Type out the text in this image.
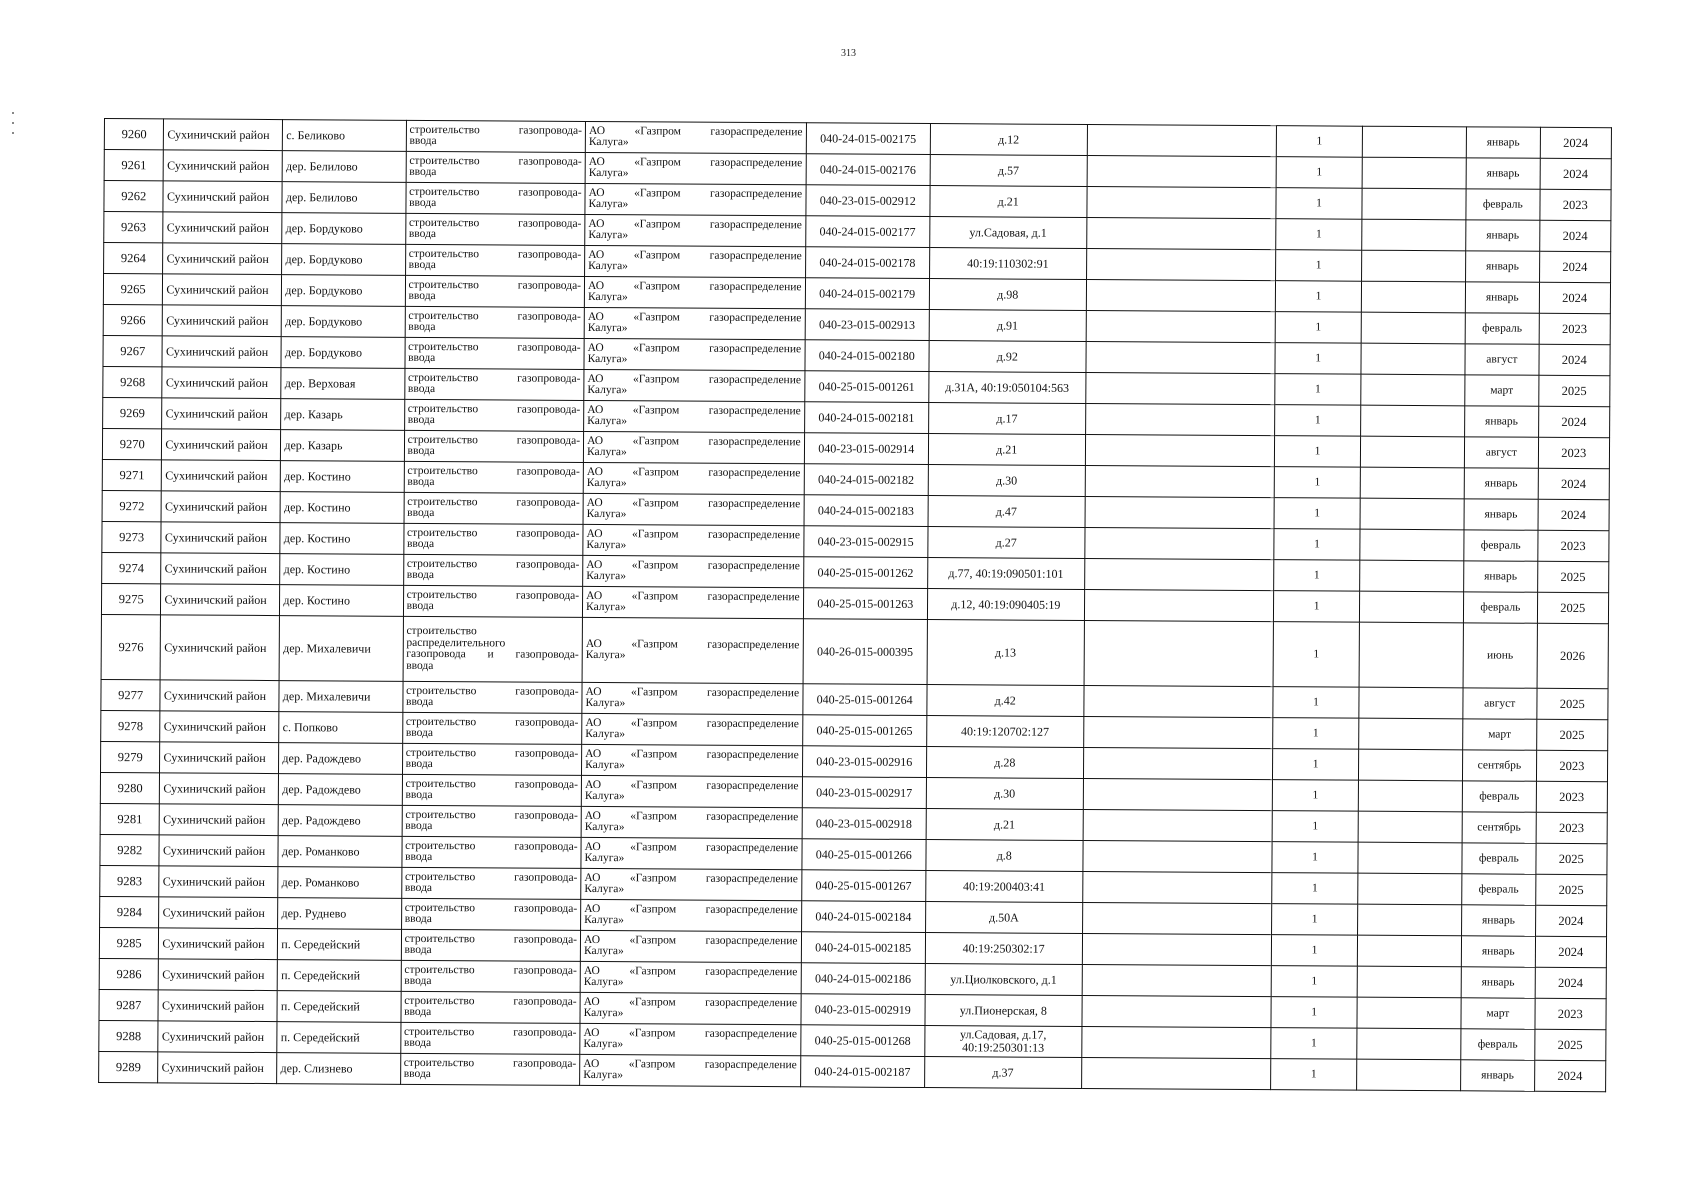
313
9260	Сухиничский район	с. Беликово	строительство газопровода-
ввода	АО «Газпром газораспределение
Калуга»	040-24-015-002175	д.12		1		январь	2024
9261	Сухиничский район	дер. Белилово	строительство газопровода-
ввода	АО «Газпром газораспределение
Калуга»	040-24-015-002176	д.57		1		январь	2024
9262	Сухиничский район	дер. Белилово	строительство газопровода-
ввода	АО «Газпром газораспределение
Калуга»	040-23-015-002912	д.21		1		февраль	2023
9263	Сухиничский район	дер. Бордуково	строительство газопровода-
ввода	АО «Газпром газораспределение
Калуга»	040-24-015-002177	ул.Садовая, д.1		1		январь	2024
9264	Сухиничский район	дер. Бордуково	строительство газопровода-
ввода	АО «Газпром газораспределение
Калуга»	040-24-015-002178	40:19:110302:91		1		январь	2024
9265	Сухиничский район	дер. Бордуково	строительство газопровода-
ввода	АО «Газпром газораспределение
Калуга»	040-24-015-002179	д.98		1		январь	2024
9266	Сухиничский район	дер. Бордуково	строительство газопровода-
ввода	АО «Газпром газораспределение
Калуга»	040-23-015-002913	д.91		1		февраль	2023
9267	Сухиничский район	дер. Бордуково	строительство газопровода-
ввода	АО «Газпром газораспределение
Калуга»	040-24-015-002180	д.92		1		август	2024
9268	Сухиничский район	дер. Верховая	строительство газопровода-
ввода	АО «Газпром газораспределение
Калуга»	040-25-015-001261	д.31А, 40:19:050104:563		1		март	2025
9269	Сухиничский район	дер. Казарь	строительство газопровода-
ввода	АО «Газпром газораспределение
Калуга»	040-24-015-002181	д.17		1		январь	2024
9270	Сухиничский район	дер. Казарь	строительство газопровода-
ввода	АО «Газпром газораспределение
Калуга»	040-23-015-002914	д.21		1		август	2023
9271	Сухиничский район	дер. Костино	строительство газопровода-
ввода	АО «Газпром газораспределение
Калуга»	040-24-015-002182	д.30		1		январь	2024
9272	Сухиничский район	дер. Костино	строительство газопровода-
ввода	АО «Газпром газораспределение
Калуга»	040-24-015-002183	д.47		1		январь	2024
9273	Сухиничский район	дер. Костино	строительство газопровода-
ввода	АО «Газпром газораспределение
Калуга»	040-23-015-002915	д.27		1		февраль	2023
9274	Сухиничский район	дер. Костино	строительство газопровода-
ввода	АО «Газпром газораспределение
Калуга»	040-25-015-001262	д.77, 40:19:090501:101		1		январь	2025
9275	Сухиничский район	дер. Костино	строительство газопровода-
ввода	АО «Газпром газораспределение
Калуга»	040-25-015-001263	д.12, 40:19:090405:19		1		февраль	2025
9276	Сухиничский район	дер. Михалевичи	строительство
распределительного
газопровода и газопровода-
ввода	АО «Газпром газораспределение
Калуга»	040-26-015-000395	д.13		1		июнь	2026
9277	Сухиничский район	дер. Михалевичи	строительство газопровода-
ввода	АО «Газпром газораспределение
Калуга»	040-25-015-001264	д.42		1		август	2025
9278	Сухиничский район	с. Попково	строительство газопровода-
ввода	АО «Газпром газораспределение
Калуга»	040-25-015-001265	40:19:120702:127		1		март	2025
9279	Сухиничский район	дер. Радождево	строительство газопровода-
ввода	АО «Газпром газораспределение
Калуга»	040-23-015-002916	д.28		1		сентябрь	2023
9280	Сухиничский район	дер. Радождево	строительство газопровода-
ввода	АО «Газпром газораспределение
Калуга»	040-23-015-002917	д.30		1		февраль	2023
9281	Сухиничский район	дер. Радождево	строительство газопровода-
ввода	АО «Газпром газораспределение
Калуга»	040-23-015-002918	д.21		1		сентябрь	2023
9282	Сухиничский район	дер. Романково	строительство газопровода-
ввода	АО «Газпром газораспределение
Калуга»	040-25-015-001266	д.8		1		февраль	2025
9283	Сухиничский район	дер. Романково	строительство газопровода-
ввода	АО «Газпром газораспределение
Калуга»	040-25-015-001267	40:19:200403:41		1		февраль	2025
9284	Сухиничский район	дер. Руднево	строительство газопровода-
ввода	АО «Газпром газораспределение
Калуга»	040-24-015-002184	д.50А		1		январь	2024
9285	Сухиничский район	п. Середейский	строительство газопровода-
ввода	АО «Газпром газораспределение
Калуга»	040-24-015-002185	40:19:250302:17		1		январь	2024
9286	Сухиничский район	п. Середейский	строительство газопровода-
ввода	АО «Газпром газораспределение
Калуга»	040-24-015-002186	ул.Циолковского, д.1		1		январь	2024
9287	Сухиничский район	п. Середейский	строительство газопровода-
ввода	АО «Газпром газораспределение
Калуга»	040-23-015-002919	ул.Пионерская, 8		1		март	2023
9288	Сухиничский район	п. Середейский	строительство газопровода-
ввода	АО «Газпром газораспределение
Калуга»	040-25-015-001268	ул.Садовая, д.17, 40:19:250301:13		1		февраль	2025
9289	Сухиничский район	дер. Слизнево	строительство газопровода-
ввода	АО «Газпром газораспределение
Калуга»	040-24-015-002187	д.37		1		январь	2024
